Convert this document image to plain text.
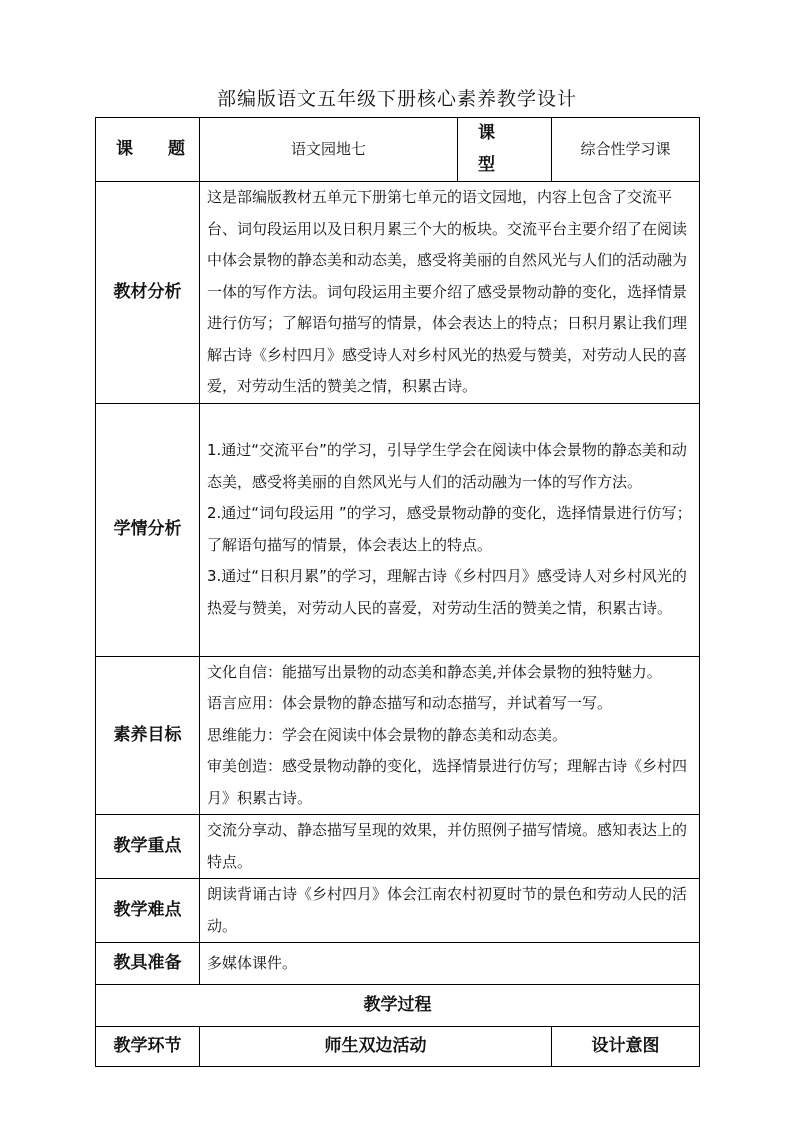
部编版语文五年级下册核心素养教学设计
课　　题	语文园地七	课　　型	综合性学习课
教材分析	这是部编版教材五单元下册第七单元的语文园地，内容上包含了交流平台、词句段运用以及日积月累三个大的板块。交流平台主要介绍了在阅读中体会景物的静态美和动态美，感受将美丽的自然风光与人们的活动融为一体的写作方法。词句段运用主要介绍了感受景物动静的变化，选择情景进行仿写；了解语句描写的情景，体会表达上的特点；日积月累让我们理解古诗《乡村四月》感受诗人对乡村风光的热爱与赞美，对劳动人民的喜爱，对劳动生活的赞美之情，积累古诗。		
学情分析	1.通过“交流平台”的学习，引导学生学会在阅读中体会景物的静态美和动态美，感受将美丽的自然风光与人们的活动融为一体的写作方法。

2.通过“词句段运用 ”的学习，感受景物动静的变化，选择情景进行仿写；了解语句描写的情景，体会表达上的特点。

3.通过“日积月累”的学习，理解古诗《乡村四月》感受诗人对乡村风光的热爱与赞美，对劳动人民的喜爱，对劳动生活的赞美之情，积累古诗。		

素养目标	文化自信：能描写出景物的动态美和静态美,并体会景物的独特魅力。

语言应用：体会景物的静态描写和动态描写，并试着写一写。

思维能力：学会在阅读中体会景物的静态美和动态美。

审美创造：感受景物动静的变化，选择情景进行仿写；理解古诗《乡村四月》积累古诗。		

教学重点	交流分享动、静态描写呈现的效果，并仿照例子描写情境。感知表达上的特点。		
教学难点	朗读背诵古诗《乡村四月》体会江南农村初夏时节的景色和劳动人民的活动。		
教具准备	多媒体课件。		
教学过程			
教学环节	师生双边活动		设计意图
